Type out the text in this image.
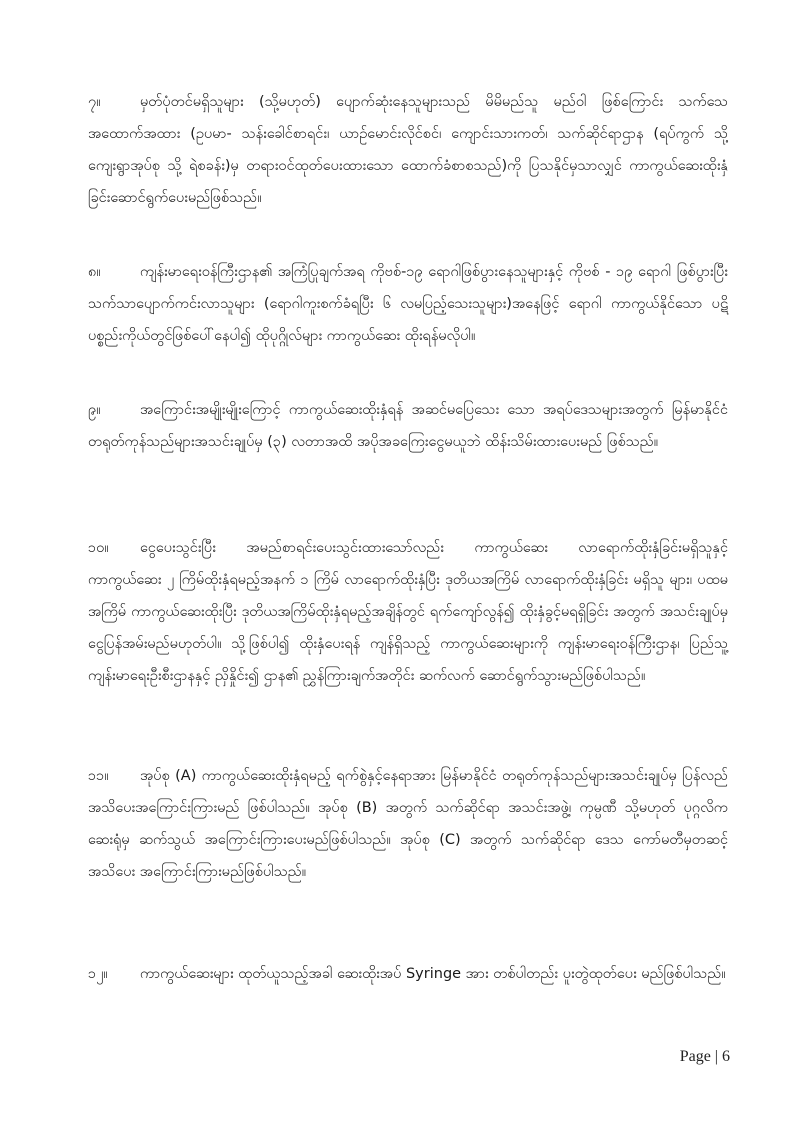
၇။	မှတ်ပုံတင်မရှိသူများ (သို့မဟုတ်) ပျောက်ဆုံးနေသူများသည် မိမိမည်သူ မည်ဝါ ဖြစ်ကြောင်း သက်သေ အထောက်အထား (ဥပမာ- သန်းခေါင်စာရင်း၊ ယာဥ်မောင်းလိုင်စင်၊ ကျောင်းသားကတ်၊ သက်ဆိုင်ရာဌာန (ရပ်ကွက် သို့ ကျေးရွာအုပ်စု သို့ ရဲစခန်း)မှ တရားဝင်ထုတ်ပေးထားသော ထောက်ခံစာစသည်)ကို ပြသနိုင်မှသာလျှင် ကာကွယ်ဆေးထိုးနှံခြင်းဆောင်ရွက်ပေးမည်ဖြစ်သည်။
၈။	ကျန်းမာရေးဝန်ကြီးဌာန၏ အကြံပြုချက်အရ ကိုဗစ်-၁၉ ရောဂါဖြစ်ပွားနေသူများနှင့် ကိုဗစ် - ၁၉ ရောဂါ ဖြစ်ပွားပြီး သက်သာပျောက်ကင်းလာသူများ (ရောဂါကူးစက်ခံရပြီး ၆ လမပြည့်သေးသူများ)အနေဖြင့် ရောဂါ ကာကွယ်နိုင်သော ပဋိပစ္စည်းကိုယ်တွင်ဖြစ်ပေါ်နေပါ၍ ထိုပုဂ္ဂိုလ်များ ကာကွယ်ဆေး ထိုးရန်မလိုပါ။
၉။	အကြောင်းအမျိုးမျိုးကြောင့် ကာကွယ်ဆေးထိုးနှံရန် အဆင်မပြေသေး သော အရပ်ဒေသများအတွက် မြန်မာနိုင်ငံ တရုတ်ကုန်သည်များအသင်းချုပ်မှ (၃) လတာအထိ အပိုအခကြေးငွေမယူဘဲ ထိန်းသိမ်းထားပေးမည် ဖြစ်သည်။
၁၀။ ငွေပေးသွင်းပြီး အမည်စာရင်းပေးသွင်းထားသော်လည်း ကာကွယ်ဆေး လာရောက်ထိုးနှံခြင်းမရှိသူနှင့် ကာကွယ်ဆေး ၂ ကြိမ်ထိုးနှံရမည့်အနက် ၁ ကြိမ် လာရောက်ထိုးနှံပြီး ဒုတိယအကြိမ် လာရောက်ထိုးနှံခြင်း မရှိသူ များ၊ ပထမအကြိမ် ကာကွယ်ဆေးထိုးပြီး ဒုတိယအကြိမ်ထိုးနှံရမည့်အချိန်တွင် ရက်ကျော်လွန်၍ ထိုးနှံခွင့်မရရှိခြင်း အတွက် အသင်းချုပ်မှ ငွေပြန်အမ်းမည်မဟုတ်ပါ။ သို့ဖြစ်ပါ၍ ထိုးနှံပေးရန် ကျန်ရှိသည့် ကာကွယ်ဆေးများကို ကျန်းမာရေးဝန်ကြီးဌာန၊ ပြည်သူ့ကျန်းမာရေးဦးစီးဌာနနှင့် ညှိနှိုင်း၍ ဌာန၏ ညွှန်ကြားချက်အတိုင်း ဆက်လက် ဆောင်ရွက်သွားမည်ဖြစ်ပါသည်။
၁၁။ အုပ်စု (A) ကာကွယ်ဆေးထိုးနှံရမည့် ရက်စွဲနှင့်နေရာအား မြန်မာနိုင်ငံ တရုတ်ကုန်သည်များအသင်းချုပ်မှ ပြန်လည် အသိပေးအကြောင်းကြားမည် ဖြစ်ပါသည်။ အုပ်စု (B) အတွက် သက်ဆိုင်ရာ အသင်းအဖွဲ့၊ ကုမ္ပဏီ သို့မဟုတ် ပုဂ္ဂလိကဆေးရုံမှ ဆက်သွယ် အကြောင်းကြားပေးမည်ဖြစ်ပါသည်။ အုပ်စု (C) အတွက် သက်ဆိုင်ရာ ဒေသ ကော်မတီမှတဆင့် အသိပေး အကြောင်းကြားမည်ဖြစ်ပါသည်။
၁၂။ ကာကွယ်ဆေးများ ထုတ်ယူသည့်အခါ ဆေးထိုးအပ် Syringe အား တစ်ပါတည်း ပူးတွဲထုတ်ပေး မည်ဖြစ်ပါသည်။
Page | 6
